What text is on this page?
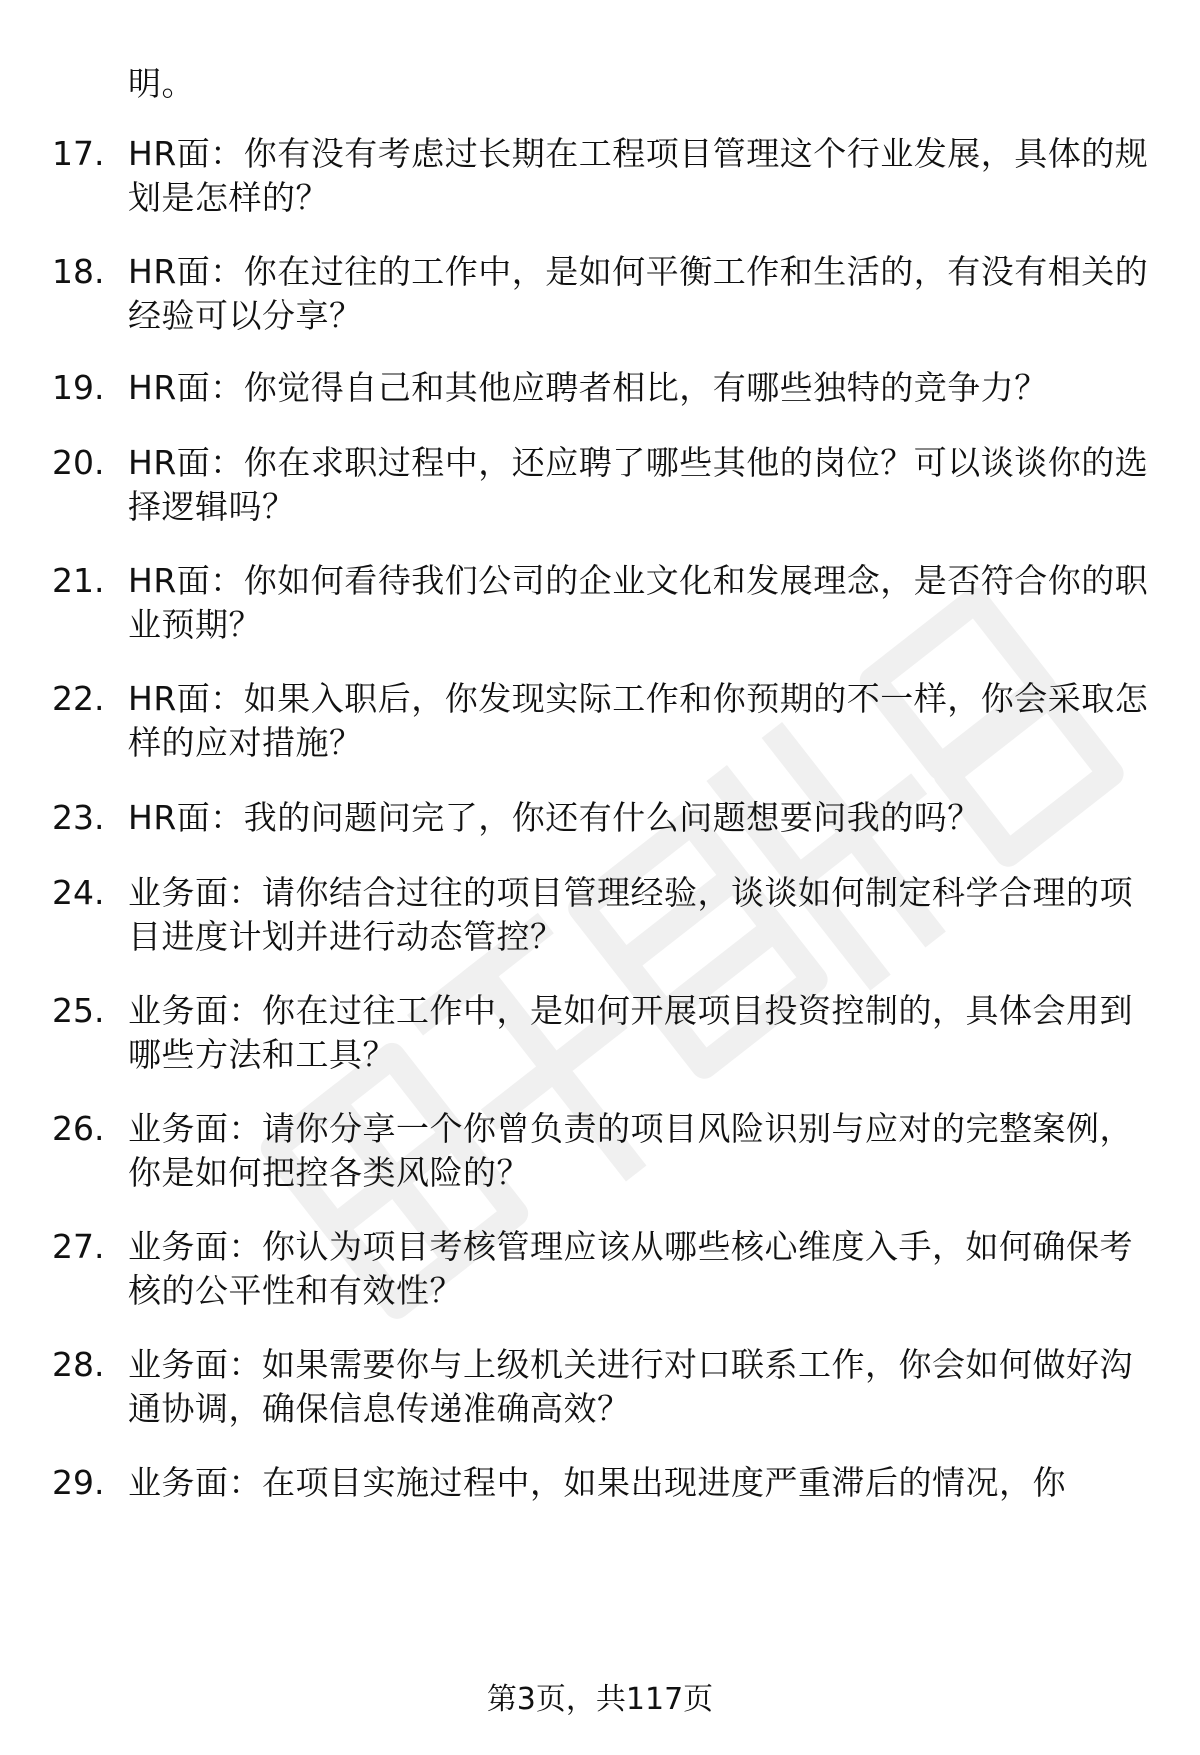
明。
17. HR面：你有没有考虑过长期在工程项目管理这个行业发展，具体的规划是怎样的？
18. HR面：你在过往的工作中，是如何平衡工作和生活的，有没有相关的经验可以分享？
19. HR面：你觉得自己和其他应聘者相比，有哪些独特的竞争力？
20. HR面：你在求职过程中，还应聘了哪些其他的岗位？可以谈谈你的选择逻辑吗？
21. HR面：你如何看待我们公司的企业文化和发展理念，是否符合你的职业预期？
22. HR面：如果入职后，你发现实际工作和你预期的不一样，你会采取怎样的应对措施？
23. HR面：我的问题问完了，你还有什么问题想要问我的吗？
24. 业务面：请你结合过往的项目管理经验，谈谈如何制定科学合理的项目进度计划并进行动态管控？
25. 业务面：你在过往工作中，是如何开展项目投资控制的，具体会用到哪些方法和工具？
26. 业务面：请你分享一个你曾负责的项目风险识别与应对的完整案例，你是如何把控各类风险的？
27. 业务面：你认为项目考核管理应该从哪些核心维度入手，如何确保考核的公平性和有效性？
28. 业务面：如果需要你与上级机关进行对口联系工作，你会如何做好沟通协调，确保信息传递准确高效？
29. 业务面：在项目实施过程中，如果出现进度严重滞后的情况，你
第3页，共117页
